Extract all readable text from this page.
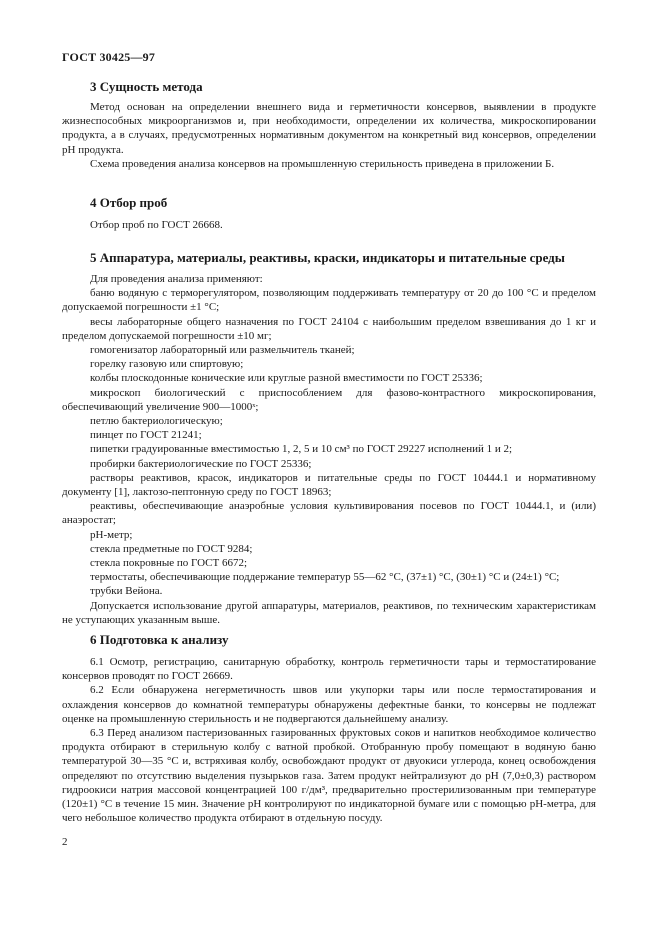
ГОСТ 30425—97
3 Сущность метода

Метод основан на определении внешнего вида и герметичности консервов, выявлении в продукте жизнеспособных микроорганизмов и, при необходимости, определении их количества, микроскопировании продукта, а в случаях, предусмотренных нормативным документом на конкретный вид консервов, определении pH продукта.

Схема проведения анализа консервов на промышленную стерильность приведена в приложении Б.

4 Отбор проб

Отбор проб по ГОСТ 26668.

5 Аппаратура, материалы, реактивы, краски, индикаторы и питательные среды

Для проведения анализа применяют:

баню водяную с терморегулятором, позволяющим поддерживать температуру от 20 до 100 °С и пределом допускаемой погрешности ±1 °С;

весы лабораторные общего назначения по ГОСТ 24104 с наибольшим пределом взвешивания до 1 кг и пределом допускаемой погрешности ±10 мг;

гомогенизатор лабораторный или размельчитель тканей;

горелку газовую или спиртовую;

колбы плоскодонные конические или круглые разной вместимости по ГОСТ 25336;

микроскоп биологический с приспособлением для фазово-контрастного микроскопирования, обеспечивающий увеличение 900—1000ˣ;

петлю бактериологическую;

пинцет по ГОСТ 21241;

пипетки градуированные вместимостью 1, 2, 5 и 10 см³ по ГОСТ 29227 исполнений 1 и 2;

пробирки бактериологические по ГОСТ 25336;

растворы реактивов, красок, индикаторов и питательные среды по ГОСТ 10444.1 и нормативному документу [1], лактозо-пептонную среду по ГОСТ 18963;

реактивы, обеспечивающие анаэробные условия культивирования посевов по ГОСТ 10444.1, и (или) анаэростат;

pH-метр;

стекла предметные по ГОСТ 9284;

стекла покровные по ГОСТ 6672;

термостаты, обеспечивающие поддержание температур 55—62 °С, (37±1) °С, (30±1) °С и (24±1) °С;

трубки Вейона.

Допускается использование другой аппаратуры, материалов, реактивов, по техническим характеристикам не уступающих указанным выше.

6 Подготовка к анализу

6.1 Осмотр, регистрацию, санитарную обработку, контроль герметичности тары и термостатирование консервов проводят по ГОСТ 26669.

6.2 Если обнаружена негерметичность швов или укупорки тары или после термостатирования и охлаждения консервов до комнатной температуры обнаружены дефектные банки, то консервы не подлежат оценке на промышленную стерильность и не подвергаются дальнейшему анализу.

6.3 Перед анализом пастеризованных газированных фруктовых соков и напитков необходимое количество продукта отбирают в стерильную колбу с ватной пробкой. Отобранную пробу помещают в водяную баню температурой 30—35 °С и, встряхивая колбу, освобождают продукт от двуокиси углерода, конец освобождения определяют по отсутствию выделения пузырьков газа. Затем продукт нейтрализуют до pH (7,0±0,3) раствором гидроокиси натрия массовой концентрацией 100 г/дм³, предварительно простерилизованным при температуре (120±1) °С в течение 15 мин. Значение pH контролируют по индикаторной бумаге или с помощью pH-метра, для чего небольшое количество продукта отбирают в отдельную посуду.

2
